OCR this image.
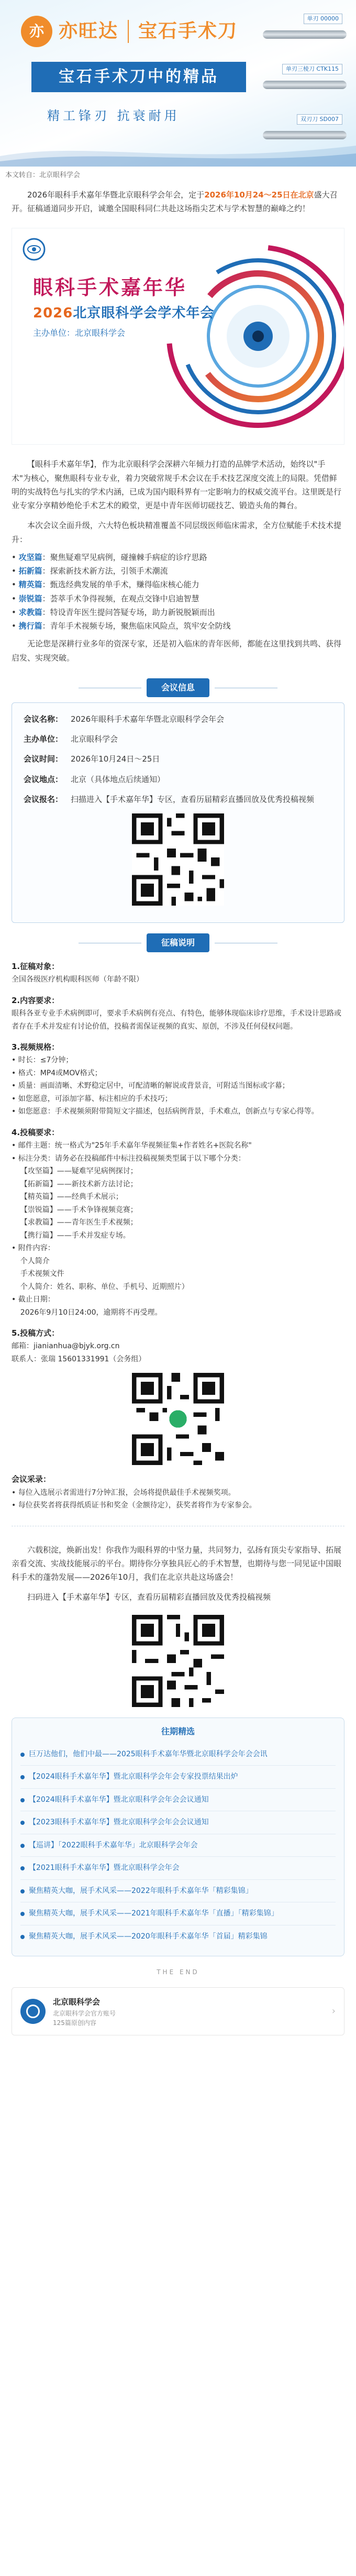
亦 亦旺达 宝石手术刀
宝石手术刀中的精品
精工锋刃 抗衰耐用
单刃 00000
单刃三棱刀 CTK115
双刃刀 SD007
本文转自：北京眼科学会

2026年眼科手术嘉年华暨北京眼科学会年会，定于2026年10月24～25日在北京盛大召开。征稿通道同步开启，诚邀全国眼科同仁共赴这场指尖艺术与学术智慧的巅峰之约！

眼科手术嘉年华
2026北京眼科学会学术年会
主办单位：北京眼科学会

【眼科手术嘉年华】，作为北京眼科学会深耕六年倾力打造的品牌学术活动，始终以"手术"为核心，聚焦眼科专业专业，着力突破常规手术会议在手术技艺深度交流上的局限。凭借鲜明的实战特色与扎实的学术内涵，已成为国内眼科界有一定影响力的权威交流平台。这里既是行业专家分享精妙绝伦手术艺术的殿堂，更是中青年医师切磋技艺、锻造头角的舞台。

本次会议全面升级，六大特色板块精准覆盖不同层级医师临床需求，全方位赋能手术技术提升：

• 攻坚篇：聚焦疑难罕见病例，碰撞棘手病症的诊疗思路
• 拓新篇：探索新技术新方法，引领手术潮流
• 精英篇：甄选经典发展的单手术，赚得临床核心能力
• 崇锐篇：荟萃手术争得视频，在观点交锋中启迪智慧
• 求教篇：特设青年医生提问答疑专场，助力新锐脱颖而出
• 携行篇：青年手术视频专场，聚焦临床风险点，筑牢安全防线

无论您是深耕行业多年的资深专家，还是初入临床的青年医师，都能在这里找到共鸣、获得启发、实现突破。

会议信息
会议名称： 2026年眼科手术嘉年华暨北京眼科学会年会
主办单位： 北京眼科学会
会议时间： 2026年10月24日～25日
会议地点： 北京（具体地点后续通知）
会议报名： 扫描进入【手术嘉年华】专区，查看历届精彩直播回放及优秀投稿视频
征稿说明
1.征稿对象：
全国各级医疗机构眼科医师（年龄不限）
2.内容要求：
眼科各亚专业手术病例即可，要求手术病例有亮点、有特色，能够体现临床诊疗思维，手术设计思路或者存在手术并发症有讨论价值，投稿者需保证视频的真实、原创，不涉及任何侵权问题。
3.视频规格：
• 时长：≤7分钟；
• 格式：MP4或MOV格式；
• 质量：画面清晰、术野稳定居中，可配清晰的解说或背景音，可附适当图标或字幕；
• 如您愿意，可添加字幕、标注相应的手术技巧；
• 如您愿意：手术视频须附带简短文字描述，包括病例背景，手术难点，创新点与专家心得等。
4.投稿要求：
• 邮件主题：统一格式为"25年手术嘉年华视频征集+作者姓名+医院名称"
• 标注分类：请务必在投稿邮件中标注投稿视频类型属于以下哪个分类：
【攻坚篇】——疑难罕见病例探讨；
【拓新篇】——新技术新方法讨论；
【精英篇】——经典手术展示；
【崇锐篇】——手术争锋视频竞赛；
【求教篇】——青年医生手术视频；
【携行篇】——手术并发症专场。
• 附件内容：
个人简介
手术视频文件
个人简介：姓名、职称、单位、手机号、近期照片）
• 截止日期：
2026年9月10日24:00，逾期将不再受理。
5.投稿方式：
邮箱：jianianhua@bjyk.org.cn
联系人：张瑞 15601331991（会务组）
会议采录：
• 每位入选展示者需进行7分钟汇报，会场将提供最佳手术视频奖项。
• 每位获奖者将获得纸质证书和奖金（金额待定），获奖者将作为专家参会。

六载积淀，焕新出发！你我作为眼科界的中坚力量，共同努力，弘扬有顶尖专家指导、拓展亲看交流、实战技能展示的平台。期待你分享独具匠心的手术智慧，也期待与您一同见证中国眼科手术的蓬勃发展——2026年10月，我们在北京共赴这场盛会！

扫码进入【手术嘉年华】专区，查看历届精彩直播回放及优秀投稿视频

往期精选
巨万达他们，他们中最——2025眼科手术嘉年华暨北京眼科学会年会会讯
【2024眼科手术嘉年华】暨北京眼科学会年会专家投票结果出炉
【2024眼科手术嘉年华】暨北京眼科学会年会会议通知
【2023眼科手术嘉年华】暨北京眼科学会年会会议通知
【巡讲】「2022眼科手术嘉年华」北京眼科学会年会
【2021眼科手术嘉年华】暨北京眼科学会年会
聚焦精英大咖，展手术风采——2022年眼科手术嘉年华「精彩集锦」
聚焦精英大咖，展手术风采——2021年眼科手术嘉年华「直播」「精彩集锦」
聚焦精英大咖，展手术风采——2020年眼科手术嘉年华「首届」精彩集锦
THE END
北京眼科学会
北京眼科学会官方账号
125篇原创内容
›
